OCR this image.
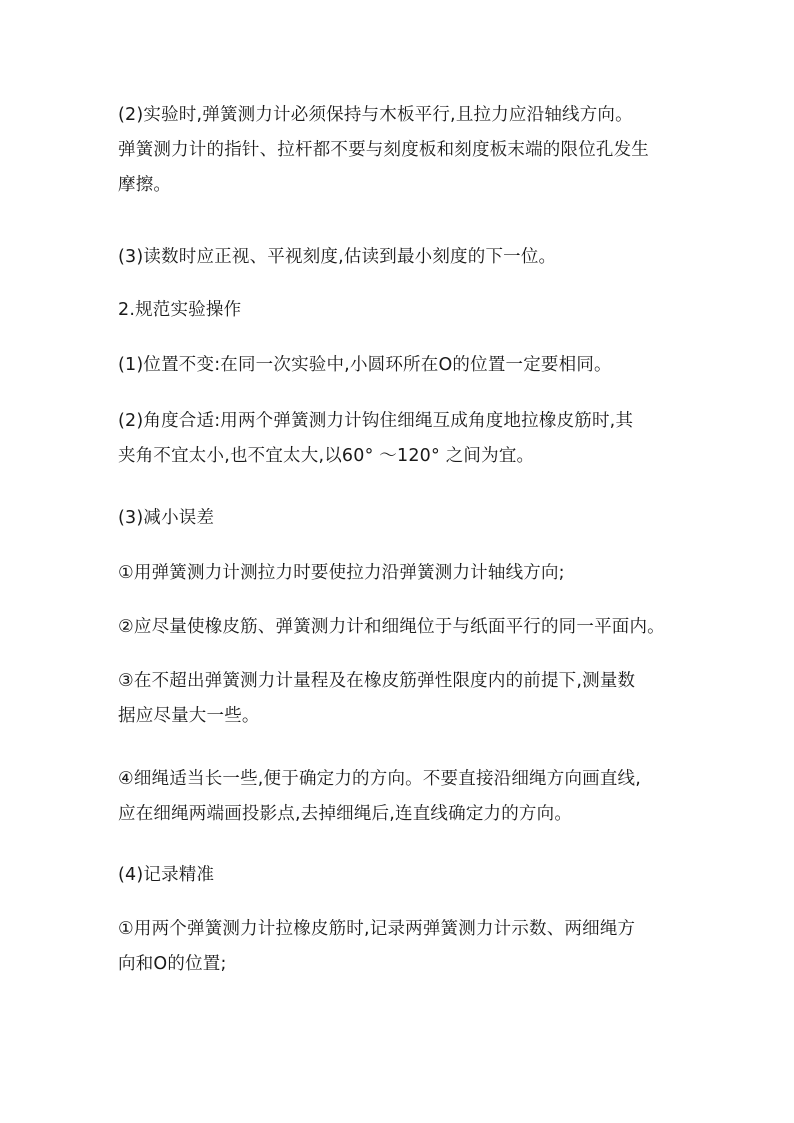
(2)实验时,弹簧测力计必须保持与木板平行,且拉力应沿轴线方向。
弹簧测力计的指针、拉杆都不要与刻度板和刻度板末端的限位孔发生
摩擦。
(3)读数时应正视、平视刻度,估读到最小刻度的下一位。
2.规范实验操作
(1)位置不变:在同一次实验中,小圆环所在O的位置一定要相同。
(2)角度合适:用两个弹簧测力计钩住细绳互成角度地拉橡皮筋时,其
夹角不宜太小,也不宜太大,以60° ～120° 之间为宜。
(3)减小误差
①用弹簧测力计测拉力时要使拉力沿弹簧测力计轴线方向;
②应尽量使橡皮筋、弹簧测力计和细绳位于与纸面平行的同一平面内。
③在不超出弹簧测力计量程及在橡皮筋弹性限度内的前提下,测量数
据应尽量大一些。
④细绳适当长一些,便于确定力的方向。不要直接沿细绳方向画直线,
应在细绳两端画投影点,去掉细绳后,连直线确定力的方向。
(4)记录精准
①用两个弹簧测力计拉橡皮筋时,记录两弹簧测力计示数、两细绳方
向和O的位置;
